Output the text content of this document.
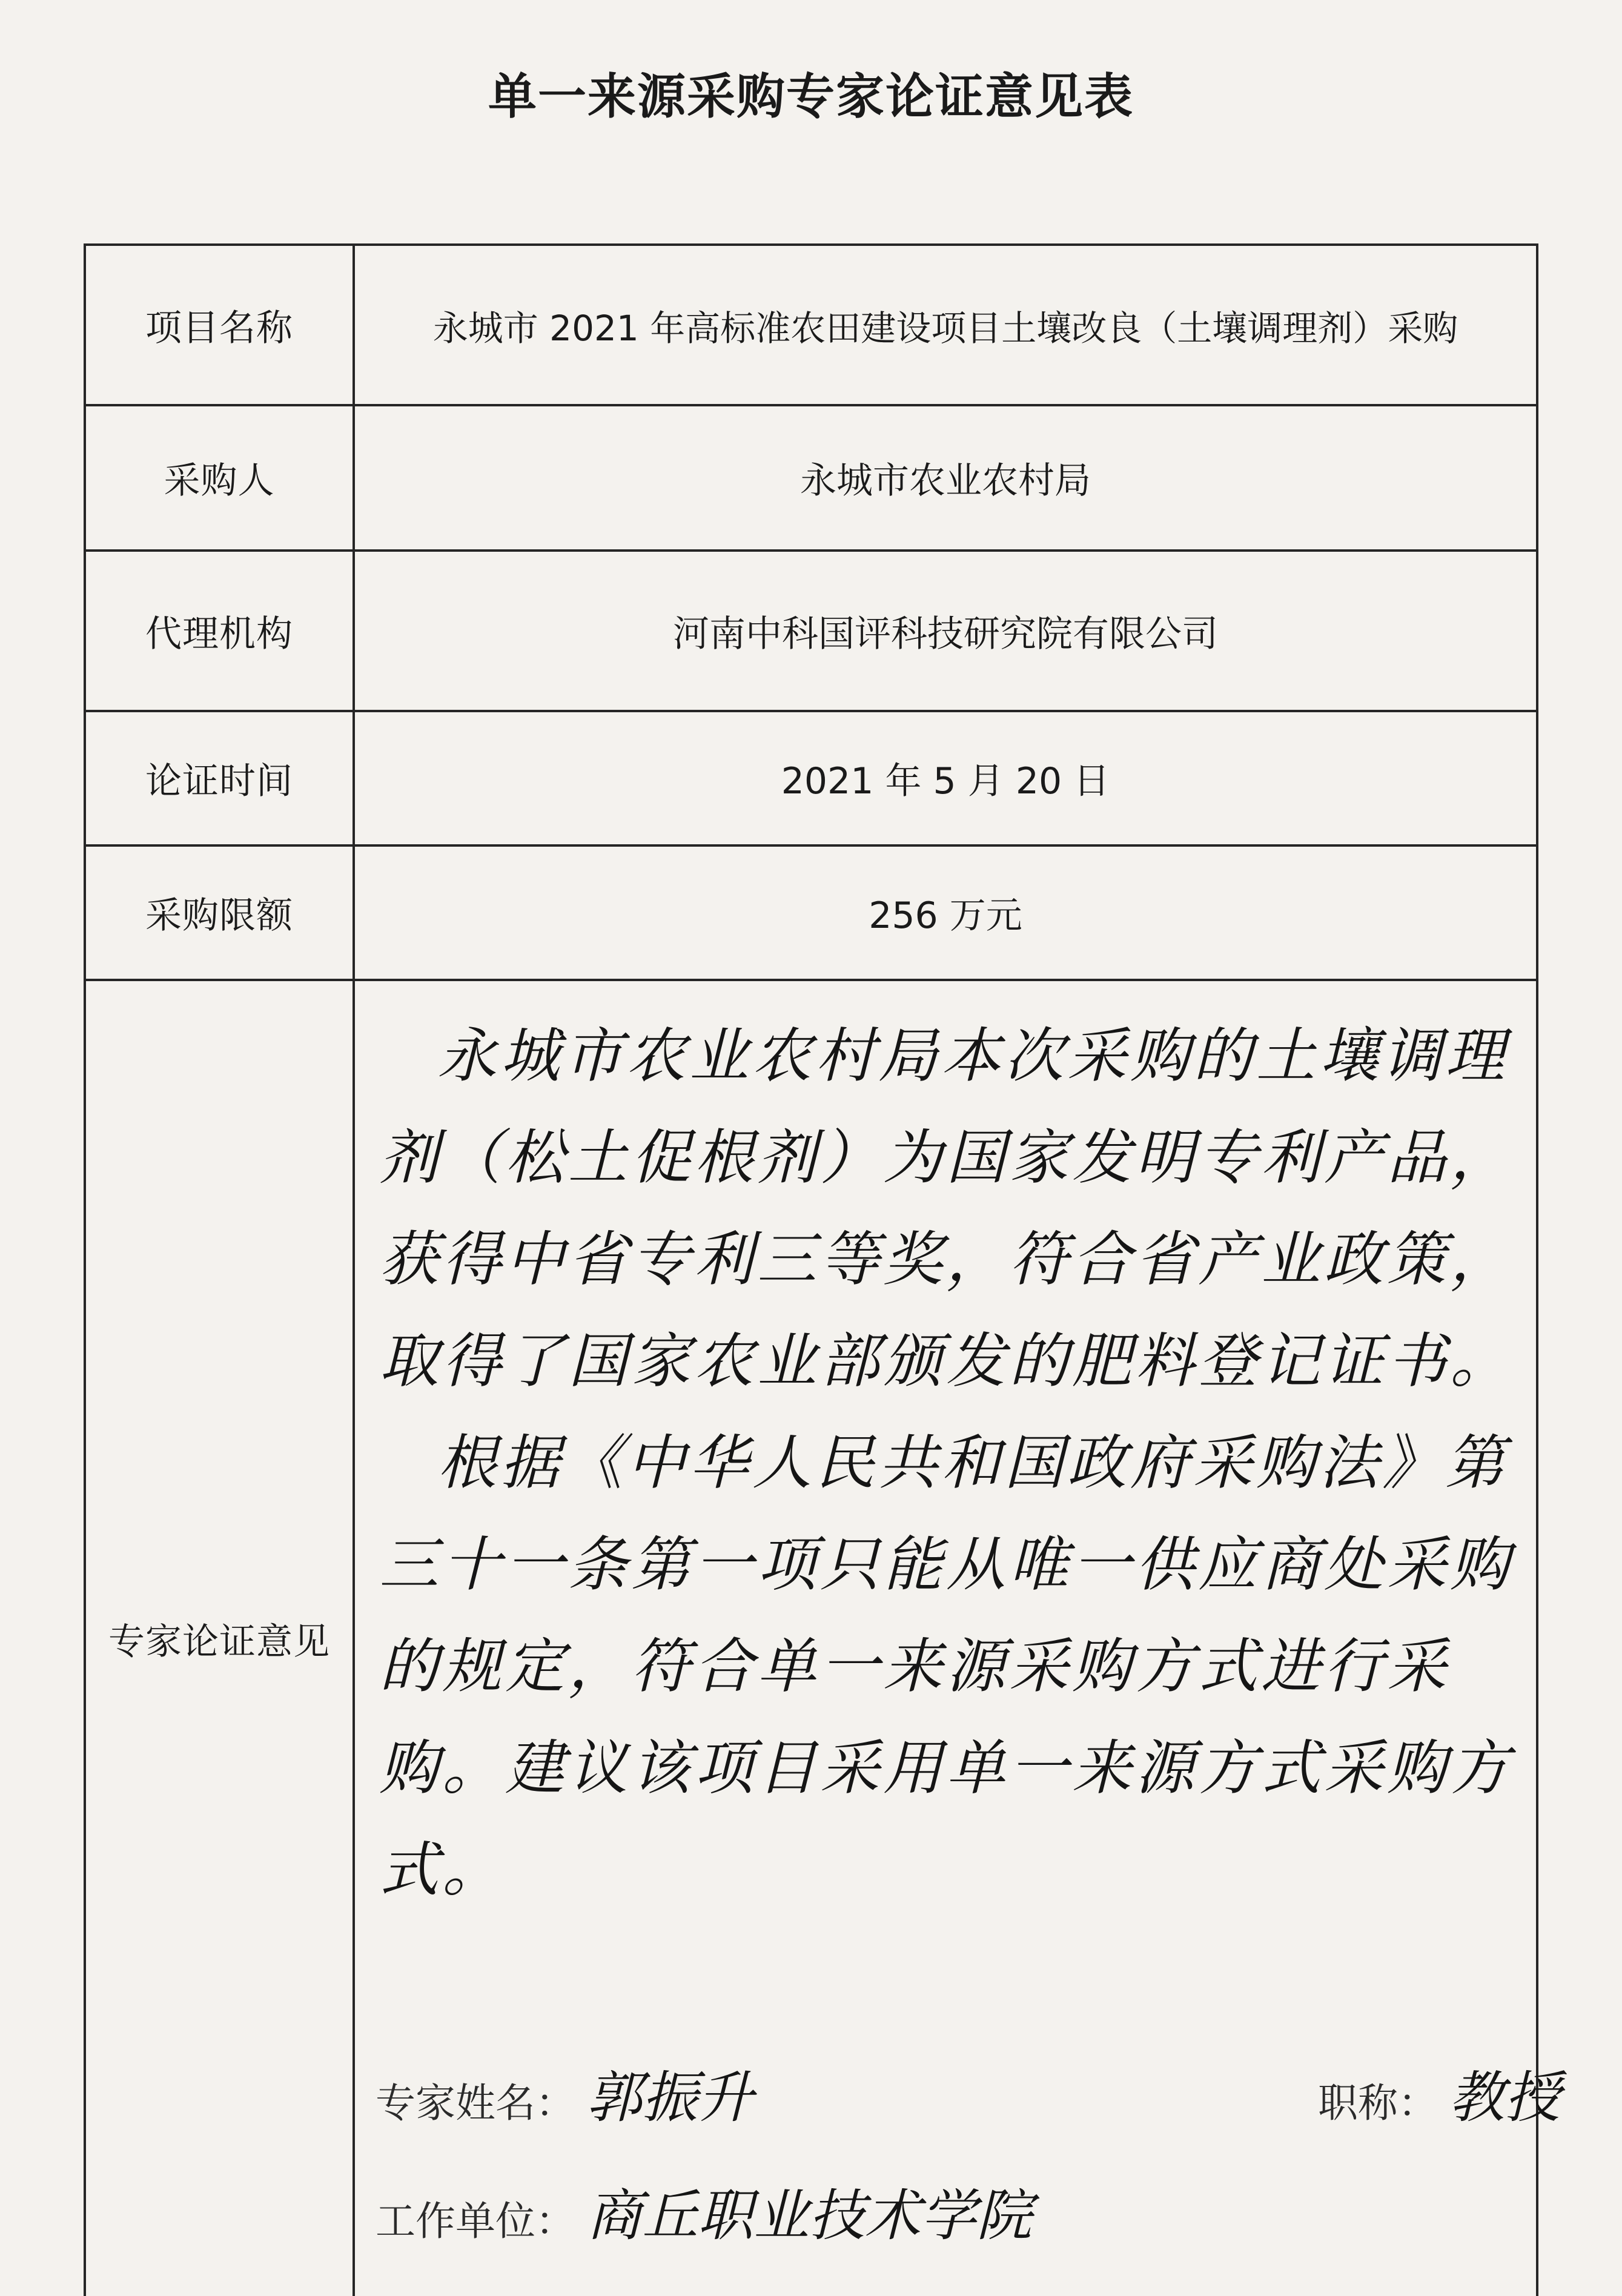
单一来源采购专家论证意见表
项目名称	永城市 2021 年高标准农田建设项目土壤改良（土壤调理剂）采购
采购人	永城市农业农村局
代理机构	河南中科国评科技研究院有限公司
论证时间	2021 年 5 月 20 日
采购限额	256 万元
专家论证意见	永城市农业农村局本次采购的土壤调理剂（松土促根剂）为国家发明专利产品，获得中省专利三等奖，符合省产业政策，取得了国家农业部颁发的肥料登记证书。

根据《中华人民共和国政府采购法》第三十一条第一项只能从唯一供应商处采购的规定，符合单一来源采购方式进行采购。建议该项目采用单一来源方式采购方式。

专家姓名： 郭振升 职称： 教授
工作单位： 商丘职业技术学院
